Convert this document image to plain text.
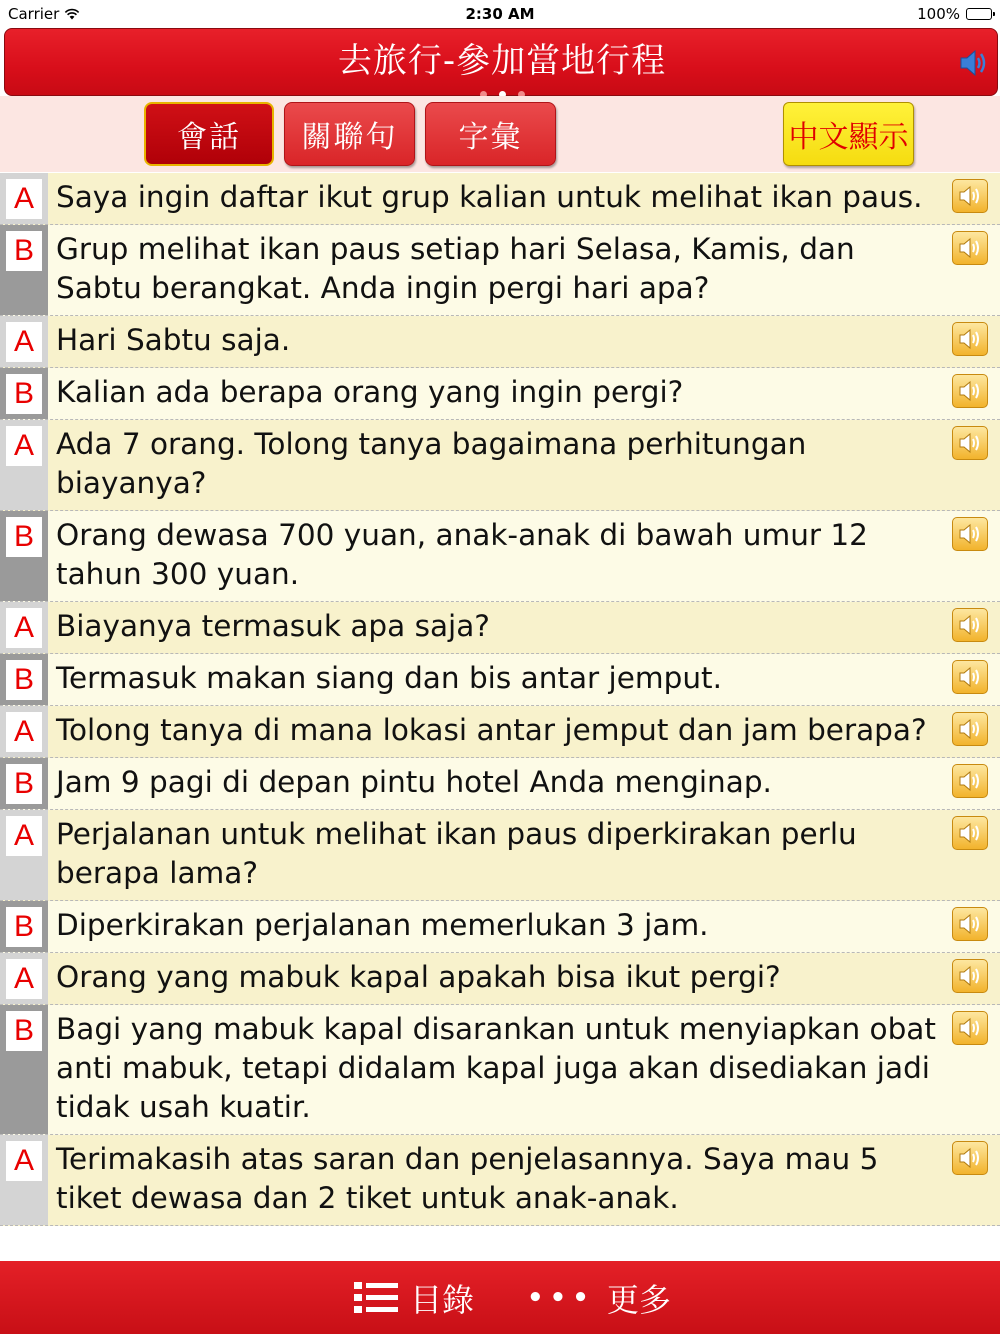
Carrier	2:30 AM	100%
去旅行-參加當地行程
會話	關聯句	字彙	中文顯示
A Saya ingin daftar ikut grup kalian untuk melihat ikan paus.
B Grup melihat ikan paus setiap hari Selasa, Kamis, dan Sabtu berangkat. Anda ingin pergi hari apa?
A Hari Sabtu saja.
B Kalian ada berapa orang yang ingin pergi?
A Ada 7 orang. Tolong tanya bagaimana perhitungan biayanya?
B Orang dewasa 700 yuan, anak-anak di bawah umur 12 tahun 300 yuan.
A Biayanya termasuk apa saja?
B Termasuk makan siang dan bis antar jemput.
A Tolong tanya di mana lokasi antar jemput dan jam berapa?
B Jam 9 pagi di depan pintu hotel Anda menginap.
A Perjalanan untuk melihat ikan paus diperkirakan perlu berapa lama?
B Diperkirakan perjalanan memerlukan 3 jam.
A Orang yang mabuk kapal apakah bisa ikut pergi?
B Bagi yang mabuk kapal disarankan untuk menyiapkan obat anti mabuk, tetapi didalam kapal juga akan disediakan jadi tidak usah kuatir.
A Terimakasih atas saran dan penjelasannya. Saya mau 5 tiket dewasa dan 2 tiket untuk anak-anak.
目錄 ••• 更多
